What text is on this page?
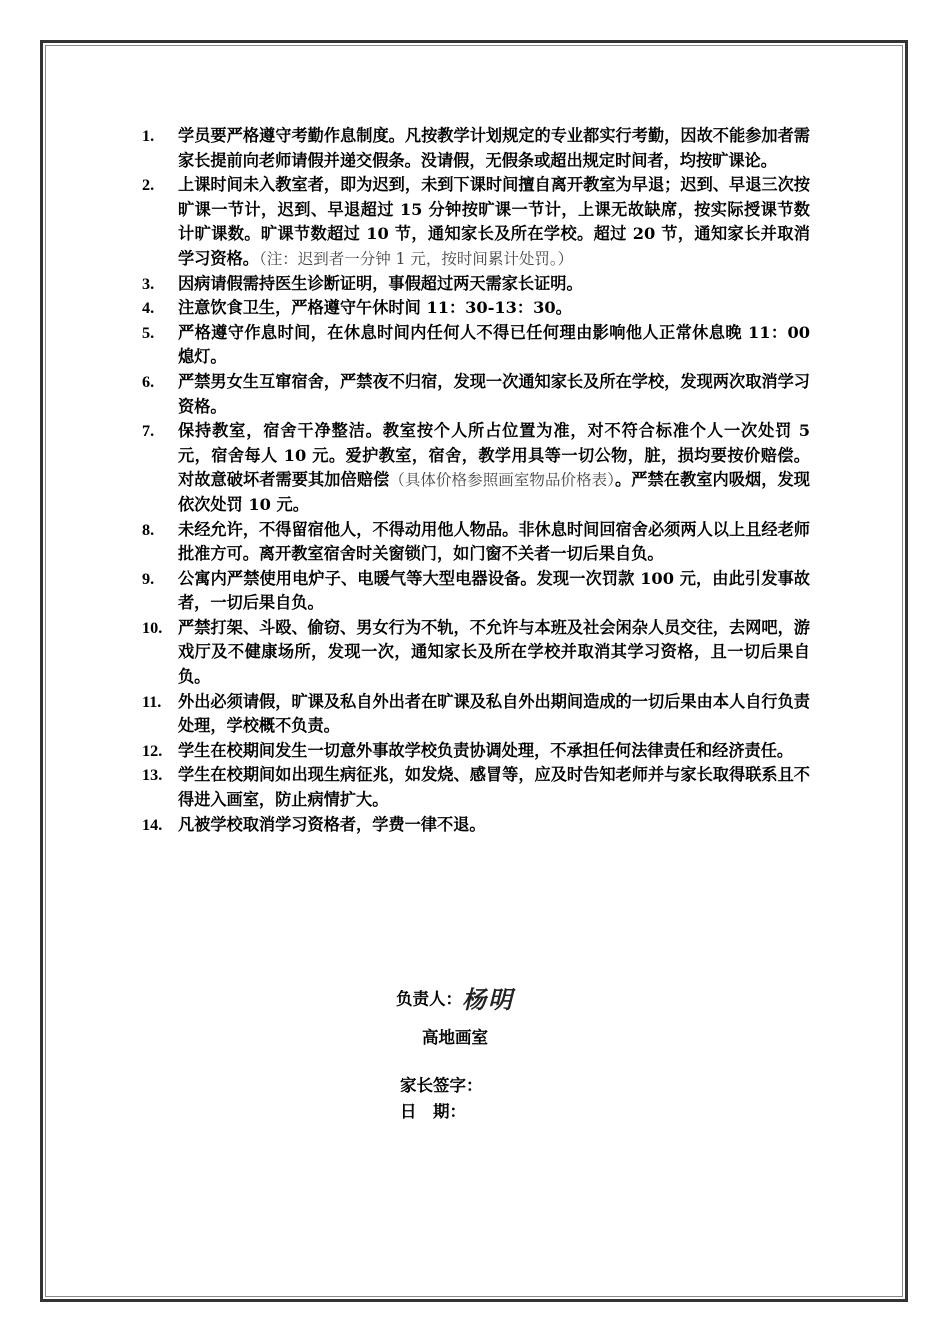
1.	学员要严格遵守考勤作息制度。凡按教学计划规定的专业都实行考勤，因故不能参加者需家长提前向老师请假并递交假条。没请假，无假条或超出规定时间者，均按旷课论。
2.	上课时间未入教室者，即为迟到，未到下课时间擅自离开教室为早退；迟到、早退三次按旷课一节计，迟到、早退超过 15 分钟按旷课一节计，上课无故缺席，按实际授课节数计旷课数。旷课节数超过 10 节，通知家长及所在学校。超过 20 节，通知家长并取消学习资格。（注：迟到者一分钟 1 元，按时间累计处罚。）
3.	因病请假需持医生诊断证明，事假超过两天需家长证明。
4.	注意饮食卫生，严格遵守午休时间 11：30-13：30。
5.	严格遵守作息时间，在休息时间内任何人不得已任何理由影响他人正常休息晚 11：00 熄灯。
6.	严禁男女生互窜宿舍，严禁夜不归宿，发现一次通知家长及所在学校，发现两次取消学习资格。
7.	保持教室，宿舍干净整洁。教室按个人所占位置为准，对不符合标准个人一次处罚 5 元，宿舍每人 10 元。爱护教室，宿舍，教学用具等一切公物，脏，损均要按价赔偿。对故意破坏者需要其加倍赔偿（具体价格参照画室物品价格表）。严禁在教室内吸烟，发现依次处罚 10 元。
8.	未经允许，不得留宿他人，不得动用他人物品。非休息时间回宿舍必须两人以上且经老师批准方可。离开教室宿舍时关窗锁门，如门窗不关者一切后果自负。
9.	公寓内严禁使用电炉子、电暖气等大型电器设备。发现一次罚款 100 元，由此引发事故者，一切后果自负。
10. 严禁打架、斗殴、偷窃、男女行为不轨，不允许与本班及社会闲杂人员交往，去网吧，游戏厅及不健康场所，发现一次，通知家长及所在学校并取消其学习资格，且一切后果自负。
11.	外出必须请假，旷课及私自外出者在旷课及私自外出期间造成的一切后果由本人自行负责处理，学校概不负责。
12. 学生在校期间发生一切意外事故学校负责协调处理，不承担任何法律责任和经济责任。
13. 学生在校期间如出现生病征兆，如发烧、感冒等，应及时告知老师并与家长取得联系且不得进入画室，防止病情扩大。
14. 凡被学校取消学习资格者，学费一律不退。
负责人：杨明
高地画室
家长签字：
日　期：
